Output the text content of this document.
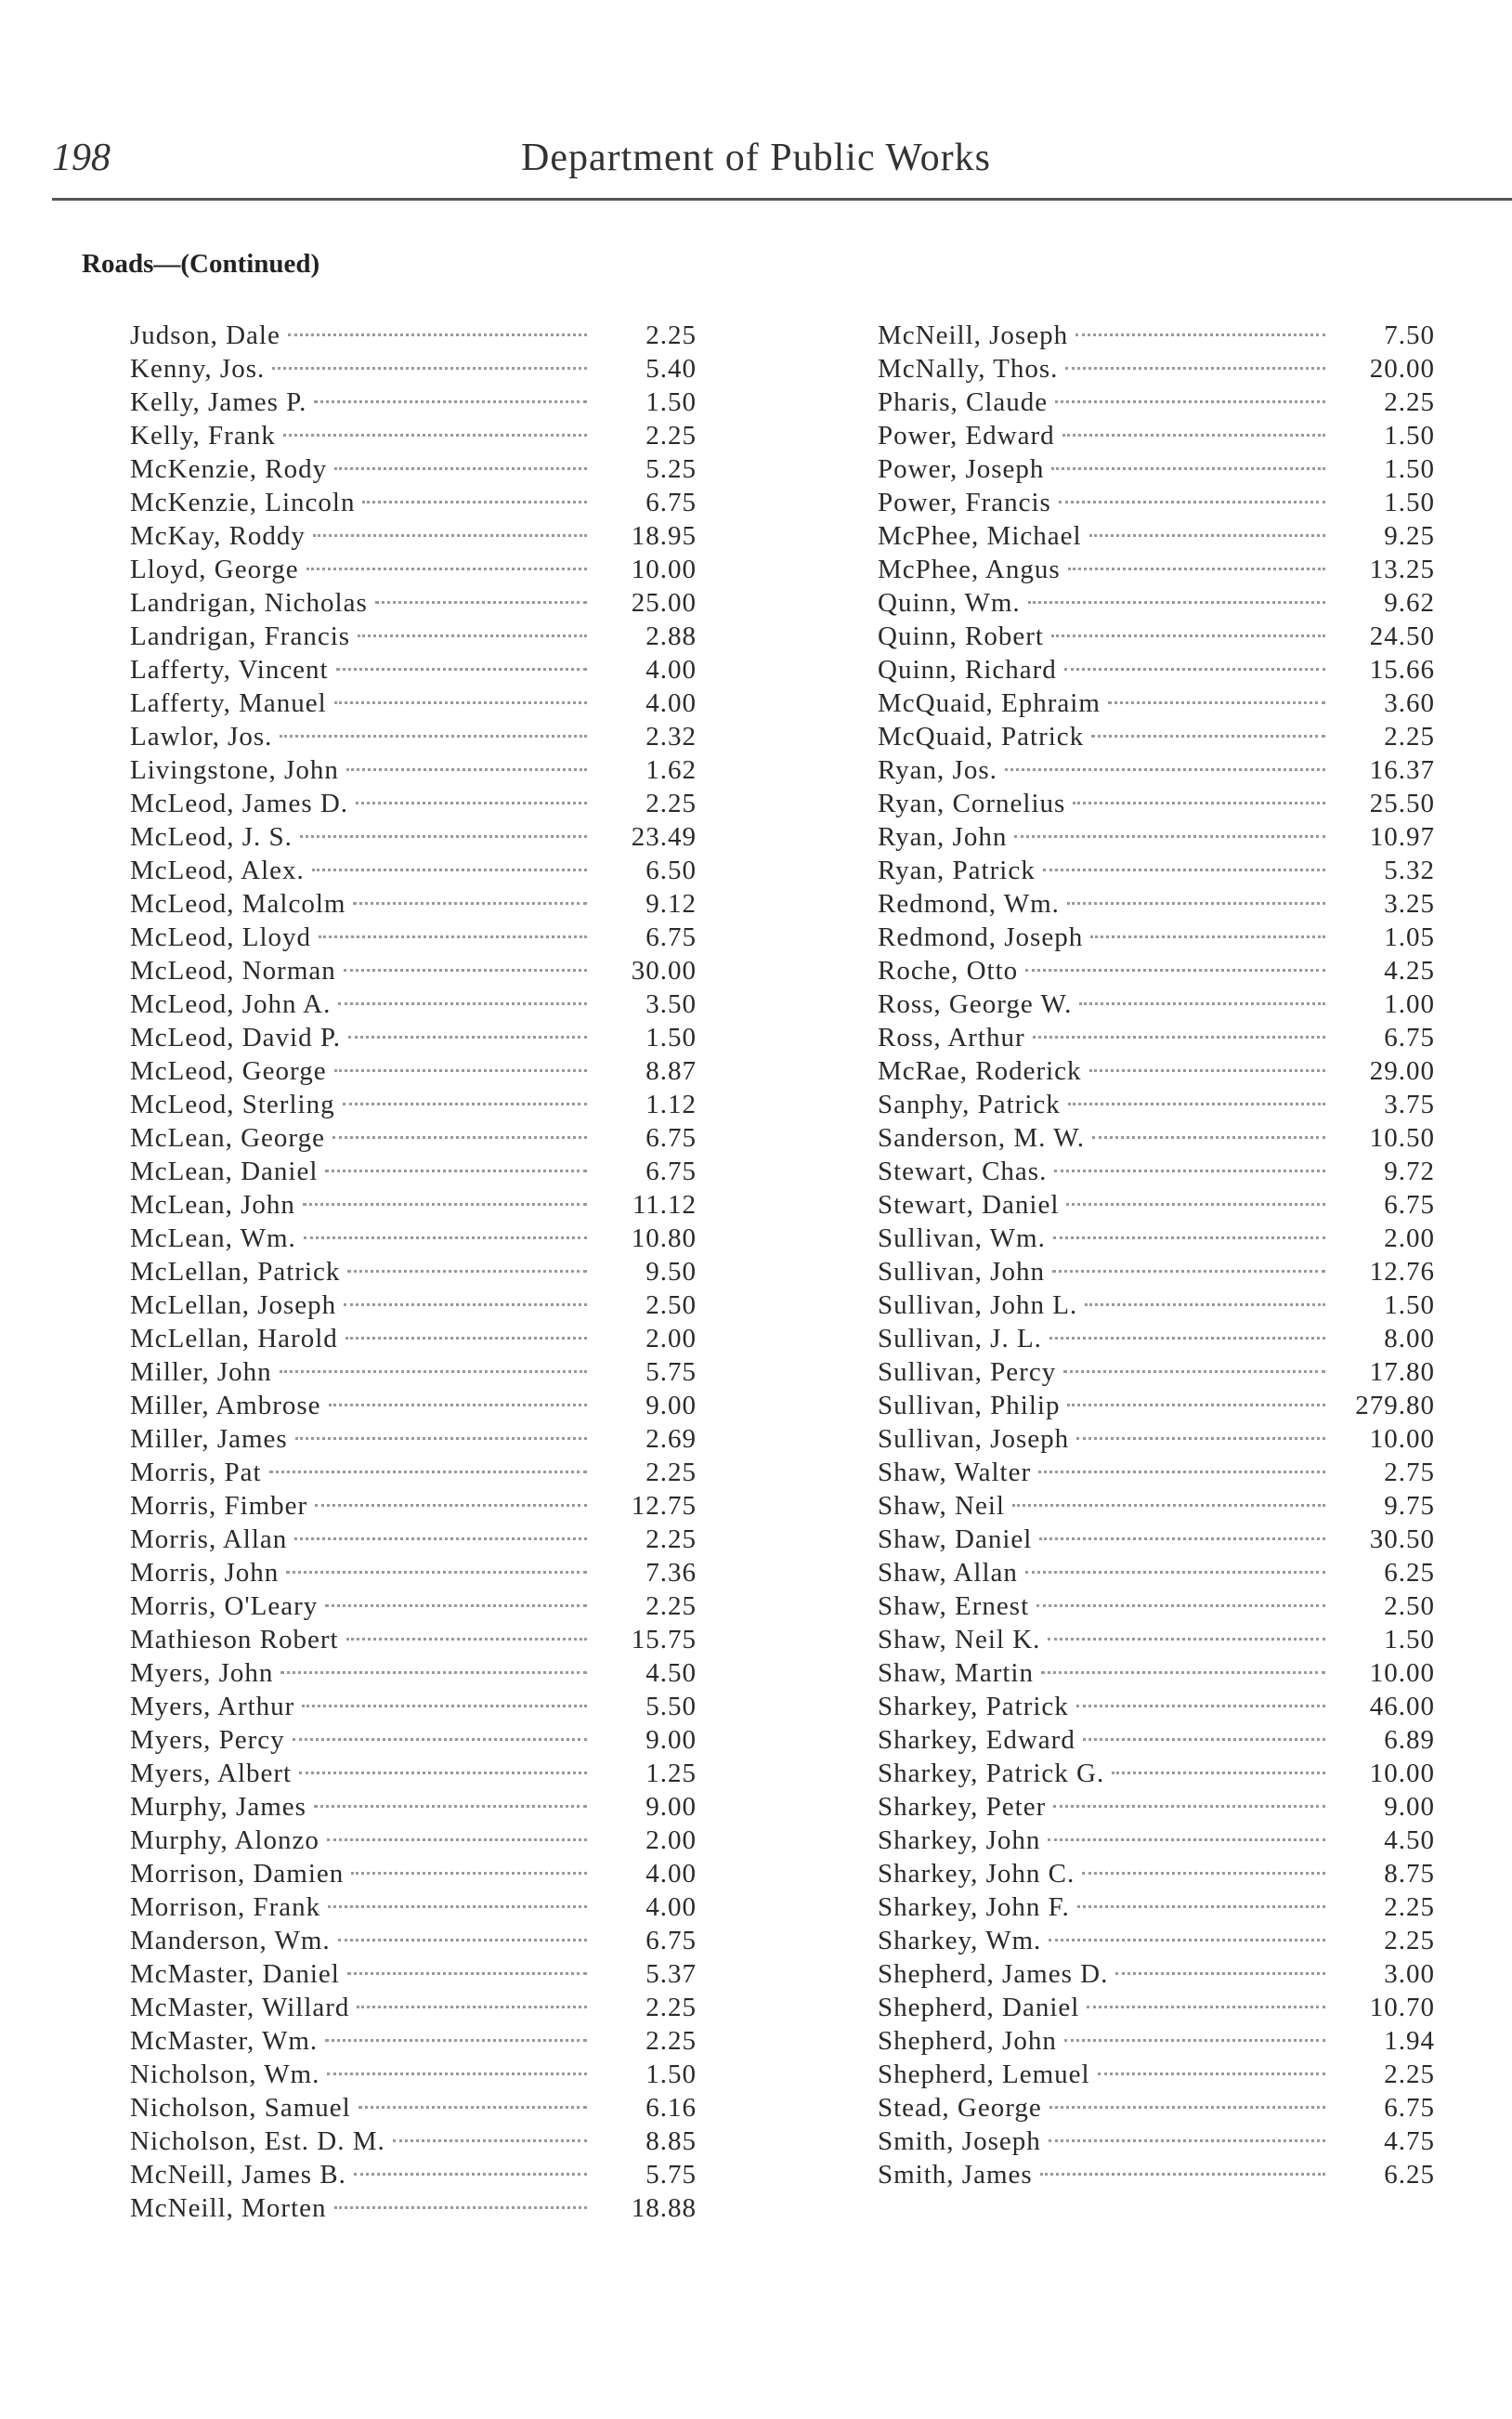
198	Department of Public Works
Roads—(Continued)
Judson, Dale	2.25
Kenny, Jos.	5.40
Kelly, James P.	1.50
Kelly, Frank	2.25
McKenzie, Rody	5.25
McKenzie, Lincoln	6.75
McKay, Roddy	18.95
Lloyd, George	10.00
Landrigan, Nicholas	25.00
Landrigan, Francis	2.88
Lafferty, Vincent	4.00
Lafferty, Manuel	4.00
Lawlor, Jos.	2.32
Livingstone, John	1.62
McLeod, James D.	2.25
McLeod, J. S.	23.49
McLeod, Alex.	6.50
McLeod, Malcolm	9.12
McLeod, Lloyd	6.75
McLeod, Norman	30.00
McLeod, John A.	3.50
McLeod, David P.	1.50
McLeod, George	8.87
McLeod, Sterling	1.12
McLean, George	6.75
McLean, Daniel	6.75
McLean, John	11.12
McLean, Wm.	10.80
McLellan, Patrick	9.50
McLellan, Joseph	2.50
McLellan, Harold	2.00
Miller, John	5.75
Miller, Ambrose	9.00
Miller, James	2.69
Morris, Pat	2.25
Morris, Fimber	12.75
Morris, Allan	2.25
Morris, John	7.36
Morris, O'Leary	2.25
Mathieson Robert	15.75
Myers, John	4.50
Myers, Arthur	5.50
Myers, Percy	9.00
Myers, Albert	1.25
Murphy, James	9.00
Murphy, Alonzo	2.00
Morrison, Damien	4.00
Morrison, Frank	4.00
Manderson, Wm.	6.75
McMaster, Daniel	5.37
McMaster, Willard	2.25
McMaster, Wm.	2.25
Nicholson, Wm.	1.50
Nicholson, Samuel	6.16
Nicholson, Est. D. M.	8.85
McNeill, James B.	5.75
McNeill, Morten	18.88
McNeill, Joseph	7.50
McNally, Thos.	20.00
Pharis, Claude	2.25
Power, Edward	1.50
Power, Joseph	1.50
Power, Francis	1.50
McPhee, Michael	9.25
McPhee, Angus	13.25
Quinn, Wm.	9.62
Quinn, Robert	24.50
Quinn, Richard	15.66
McQuaid, Ephraim	3.60
McQuaid, Patrick	2.25
Ryan, Jos.	16.37
Ryan, Cornelius	25.50
Ryan, John	10.97
Ryan, Patrick	5.32
Redmond, Wm.	3.25
Redmond, Joseph	1.05
Roche, Otto	4.25
Ross, George W.	1.00
Ross, Arthur	6.75
McRae, Roderick	29.00
Sanphy, Patrick	3.75
Sanderson, M. W.	10.50
Stewart, Chas.	9.72
Stewart, Daniel	6.75
Sullivan, Wm.	2.00
Sullivan, John	12.76
Sullivan, John L.	1.50
Sullivan, J. L.	8.00
Sullivan, Percy	17.80
Sullivan, Philip	279.80
Sullivan, Joseph	10.00
Shaw, Walter	2.75
Shaw, Neil	9.75
Shaw, Daniel	30.50
Shaw, Allan	6.25
Shaw, Ernest	2.50
Shaw, Neil K.	1.50
Shaw, Martin	10.00
Sharkey, Patrick	46.00
Sharkey, Edward	6.89
Sharkey, Patrick G.	10.00
Sharkey, Peter	9.00
Sharkey, John	4.50
Sharkey, John C.	8.75
Sharkey, John F.	2.25
Sharkey, Wm.	2.25
Shepherd, James D.	3.00
Shepherd, Daniel	10.70
Shepherd, John	1.94
Shepherd, Lemuel	2.25
Stead, George	6.75
Smith, Joseph	4.75
Smith, James	6.25
